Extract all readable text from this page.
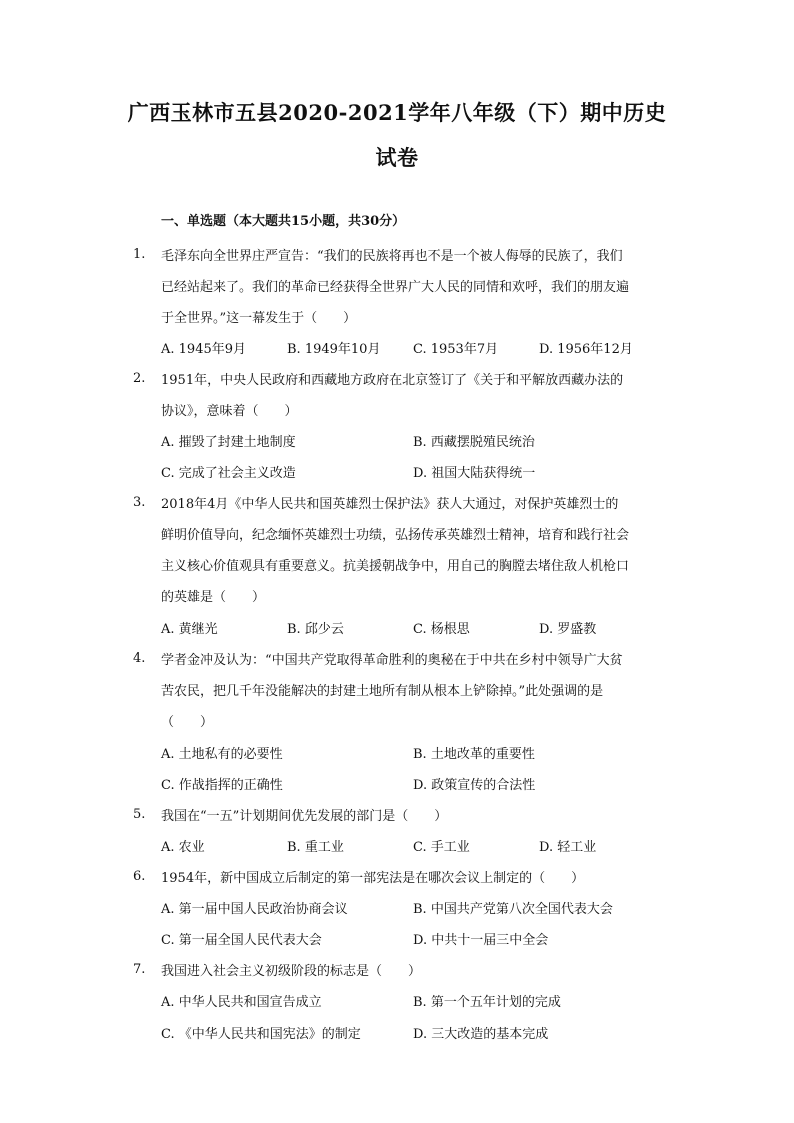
广西玉林市五县2020-2021学年八年级（下）期中历史
试卷
一、单选题（本大题共15小题，共30分）
1. 毛泽东向全世界庄严宣告：“我们的民族将再也不是一个被人侮辱的民族了，我们
已经站起来了。我们的革命已经获得全世界广大人民的同情和欢呼，我们的朋友遍
于全世界。”这一幕发生于（　　）
A. 1945年9月	B. 1949年10月	C. 1953年7月	D. 1956年12月
2. 1951年，中央人民政府和西藏地方政府在北京签订了《关于和平解放西藏办法的
协议》，意味着（　　）
A. 摧毁了封建土地制度	B. 西藏摆脱殖民统治
C. 完成了社会主义改造	D. 祖国大陆获得统一
3. 2018年4月《中华人民共和国英雄烈士保护法》获人大通过，对保护英雄烈士的
鲜明价值导向，纪念缅怀英雄烈士功绩，弘扬传承英雄烈士精神，培育和践行社会
主义核心价值观具有重要意义。抗美援朝战争中，用自己的胸膛去堵住敌人机枪口
的英雄是（　　）
A. 黄继光	B. 邱少云	C. 杨根思	D. 罗盛教
4. 学者金冲及认为：“中国共产党取得革命胜利的奥秘在于中共在乡村中领导广大贫
苦农民，把几千年没能解决的封建土地所有制从根本上铲除掉。”此处强调的是
（　　）
A. 土地私有的必要性	B. 土地改革的重要性
C. 作战指挥的正确性	D. 政策宣传的合法性
5. 我国在“一五”计划期间优先发展的部门是（　　）
A. 农业	B. 重工业	C. 手工业	D. 轻工业
6. 1954年，新中国成立后制定的第一部宪法是在哪次会议上制定的（　　）
A. 第一届中国人民政治协商会议	B. 中国共产党第八次全国代表大会
C. 第一届全国人民代表大会	D. 中共十一届三中全会
7. 我国进入社会主义初级阶段的标志是（　　）
A. 中华人民共和国宣告成立	B. 第一个五年计划的完成
C. 《中华人民共和国宪法》的制定	D. 三大改造的基本完成
